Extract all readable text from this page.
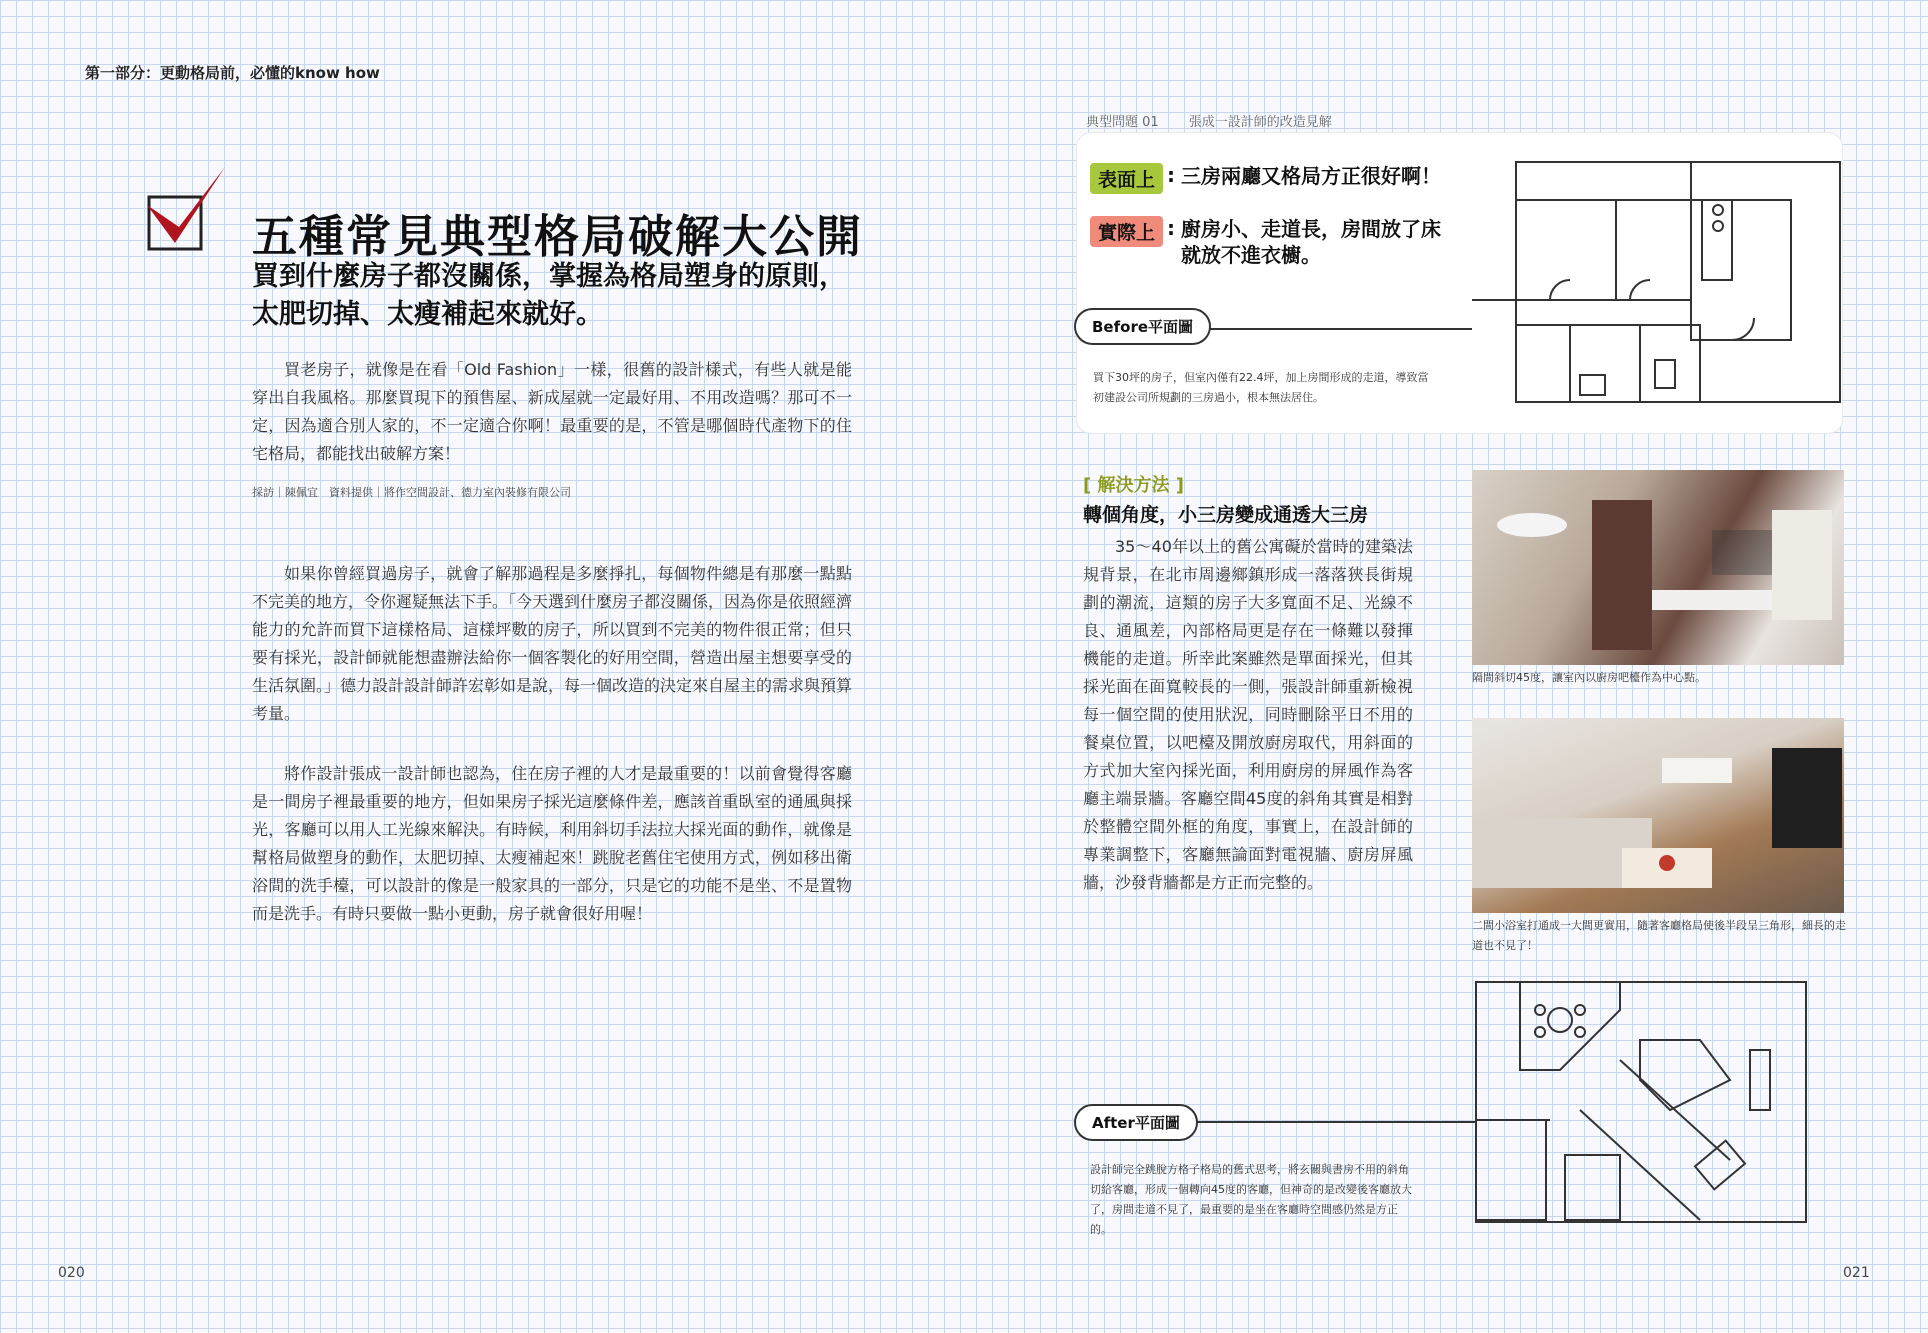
第一部分：更動格局前，必懂的know how
五種常見典型格局破解大公開
買到什麼房子都沒關係，掌握為格局塑身的原則，太肥切掉、太瘦補起來就好。

買老房子，就像是在看「Old Fashion」一樣，很舊的設計樣式，有些人就是能穿出自我風格。那麼買現下的預售屋、新成屋就一定最好用、不用改造嗎？那可不一定，因為適合別人家的，不一定適合你啊！最重要的是，不管是哪個時代產物下的住宅格局，都能找出破解方案！

採訪｜陳佩宜　資料提供｜將作空間設計、德力室內裝修有限公司

如果你曾經買過房子，就會了解那過程是多麼掙扎，每個物件總是有那麼一點點不完美的地方，令你遲疑無法下手。「今天選到什麼房子都沒關係，因為你是依照經濟能力的允許而買下這樣格局、這樣坪數的房子，所以買到不完美的物件很正常；但只要有採光，設計師就能想盡辦法給你一個客製化的好用空間，營造出屋主想要享受的生活氛圍。」德力設計設計師許宏彰如是說，每一個改造的決定來自屋主的需求與預算考量。

將作設計張成一設計師也認為，住在房子裡的人才是最重要的！以前會覺得客廳是一間房子裡最重要的地方，但如果房子採光這麼條件差，應該首重臥室的通風與採光，客廳可以用人工光線來解決。有時候，利用斜切手法拉大採光面的動作，就像是幫格局做塑身的動作，太肥切掉、太瘦補起來！跳脫老舊住宅使用方式，例如移出衛浴間的洗手檯，可以設計的像是一般家具的一部分，只是它的功能不是坐、不是置物而是洗手。有時只要做一點小更動，房子就會很好用喔！

020
典型問題 01 張成一設計師的改造見解
表面上 : 三房兩廳又格局方正很好啊！
實際上 : 廚房小、走道長，房間放了床就放不進衣櫥。
Before平面圖
買下30坪的房子，但室內僅有22.4坪，加上房間形成的走道，導致當初建設公司所規劃的三房過小，根本無法居住。
[ 解決方法 ]
轉個角度，小三房變成通透大三房

35～40年以上的舊公寓礙於當時的建築法規背景，在北市周邊鄉鎮形成一落落狹長街規劃的潮流，這類的房子大多寬面不足、光線不良、通風差，內部格局更是存在一條難以發揮機能的走道。所幸此案雖然是單面採光，但其採光面在面寬較長的一側，張設計師重新檢視每一個空間的使用狀況，同時刪除平日不用的餐桌位置，以吧檯及開放廚房取代，用斜面的方式加大室內採光面，利用廚房的屏風作為客廳主端景牆。客廳空間45度的斜角其實是相對於整體空間外框的角度，事實上，在設計師的專業調整下，客廳無論面對電視牆、廚房屏風牆，沙發背牆都是方正而完整的。

隔間斜切45度，讓室內以廚房吧檯作為中心點。
二間小浴室打通成一大間更實用，隨著客廳格局使後半段呈三角形，細長的走道也不見了！
After平面圖
設計師完全跳脫方格子格局的舊式思考，將玄關與書房不用的斜角切給客廳，形成一個轉向45度的客廳，但神奇的是改變後客廳放大了，房間走道不見了，最重要的是坐在客廳時空間感仍然是方正的。
021
